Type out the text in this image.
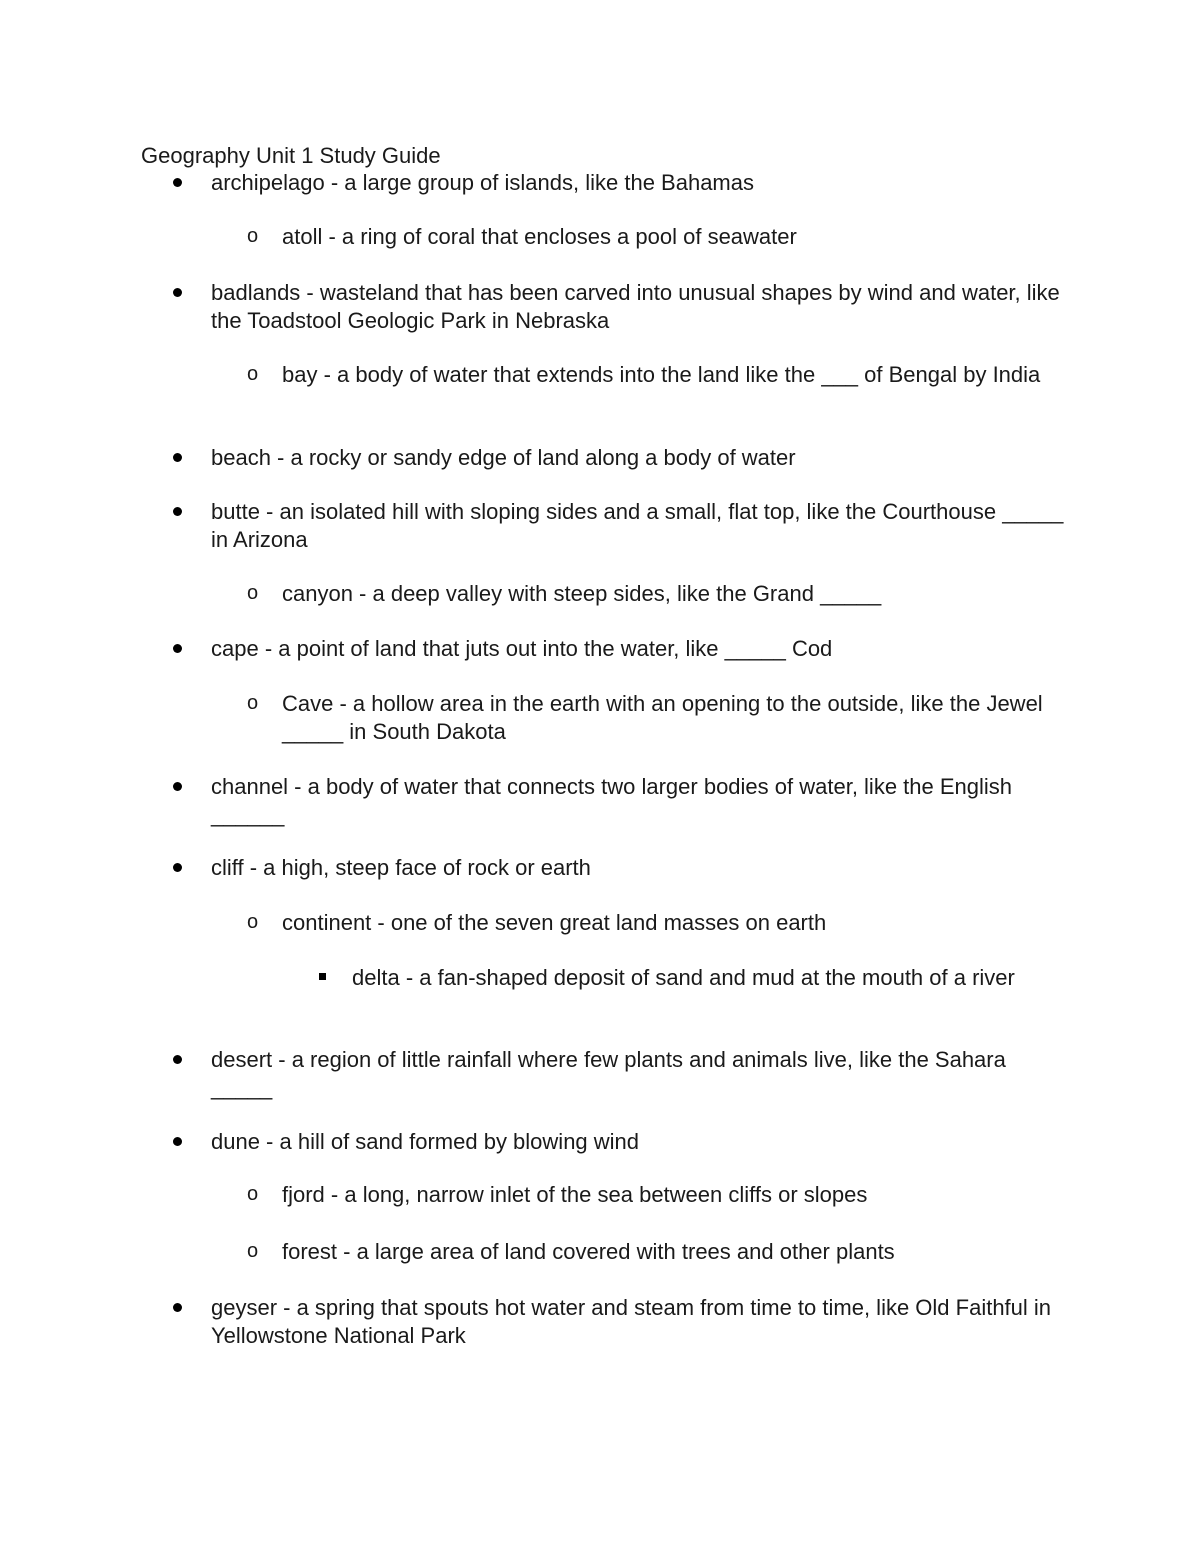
Geography Unit 1 Study Guide
archipelago - a large group of islands, like the Bahamas
o atoll - a ring of coral that encloses a pool of seawater
badlands - wasteland that has been carved into unusual shapes by wind and water, like the Toadstool Geologic Park in Nebraska
o bay - a body of water that extends into the land like the ___ of Bengal by India
beach - a rocky or sandy edge of land along a body of water
butte - an isolated hill with sloping sides and a small, flat top, like the Courthouse _____ in Arizona
o canyon - a deep valley with steep sides, like the Grand _____
cape - a point of land that juts out into the water, like _____ Cod
o Cave - a hollow area in the earth with an opening to the outside, like the Jewel _____ in South Dakota
channel - a body of water that connects two larger bodies of water, like the English ______
cliff - a high, steep face of rock or earth
o continent - one of the seven great land masses on earth
delta - a fan-shaped deposit of sand and mud at the mouth of a river
desert - a region of little rainfall where few plants and animals live, like the Sahara _____
dune - a hill of sand formed by blowing wind
o fjord - a long, narrow inlet of the sea between cliffs or slopes
o forest - a large area of land covered with trees and other plants
geyser - a spring that spouts hot water and steam from time to time, like Old Faithful in Yellowstone National Park
